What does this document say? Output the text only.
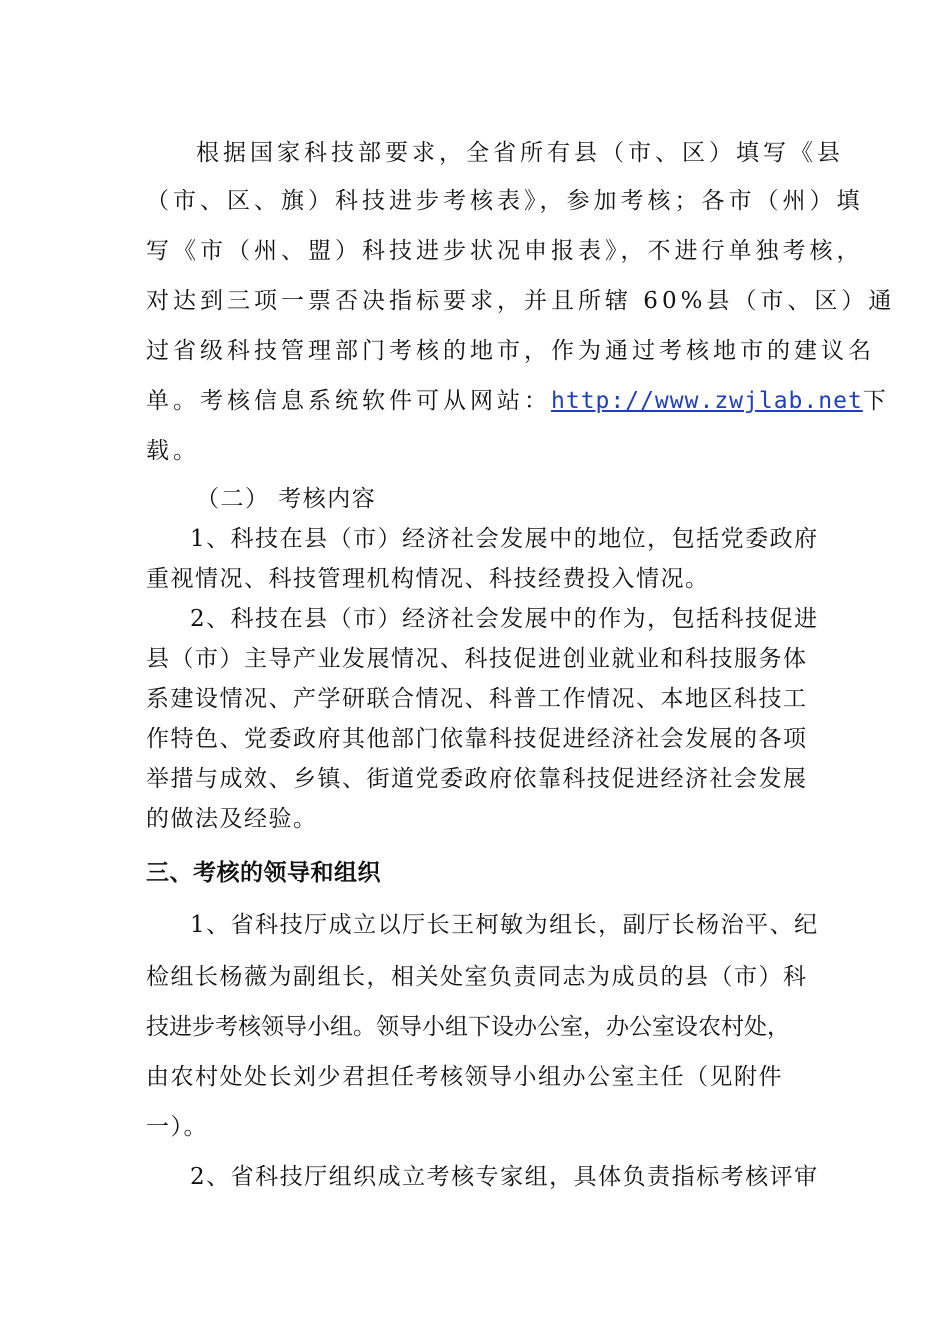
根据国家科技部要求，全省所有县（市、区）填写《县
（市、区、旗）科技进步考核表》，参加考核；各市（州）填
写《市（州、盟）科技进步状况申报表》，不进行单独考核，
对达到三项一票否决指标要求，并且所辖 60%县（市、区）通
过省级科技管理部门考核的地市，作为通过考核地市的建议名
单。考核信息系统软件可从网站：http://www.zwjlab.net下
载。
（二） 考核内容
1、科技在县（市）经济社会发展中的地位，包括党委政府
重视情况、科技管理机构情况、科技经费投入情况。
2、科技在县（市）经济社会发展中的作为，包括科技促进
县（市）主导产业发展情况、科技促进创业就业和科技服务体
系建设情况、产学研联合情况、科普工作情况、本地区科技工
作特色、党委政府其他部门依靠科技促进经济社会发展的各项
举措与成效、乡镇、街道党委政府依靠科技促进经济社会发展
的做法及经验。
三、考核的领导和组织
1、省科技厅成立以厅长王柯敏为组长，副厅长杨治平、纪
检组长杨薇为副组长，相关处室负责同志为成员的县（市）科
技进步考核领导小组。领导小组下设办公室，办公室设农村处，
由农村处处长刘少君担任考核领导小组办公室主任（见附件
一）。
2、省科技厅组织成立考核专家组，具体负责指标考核评审
